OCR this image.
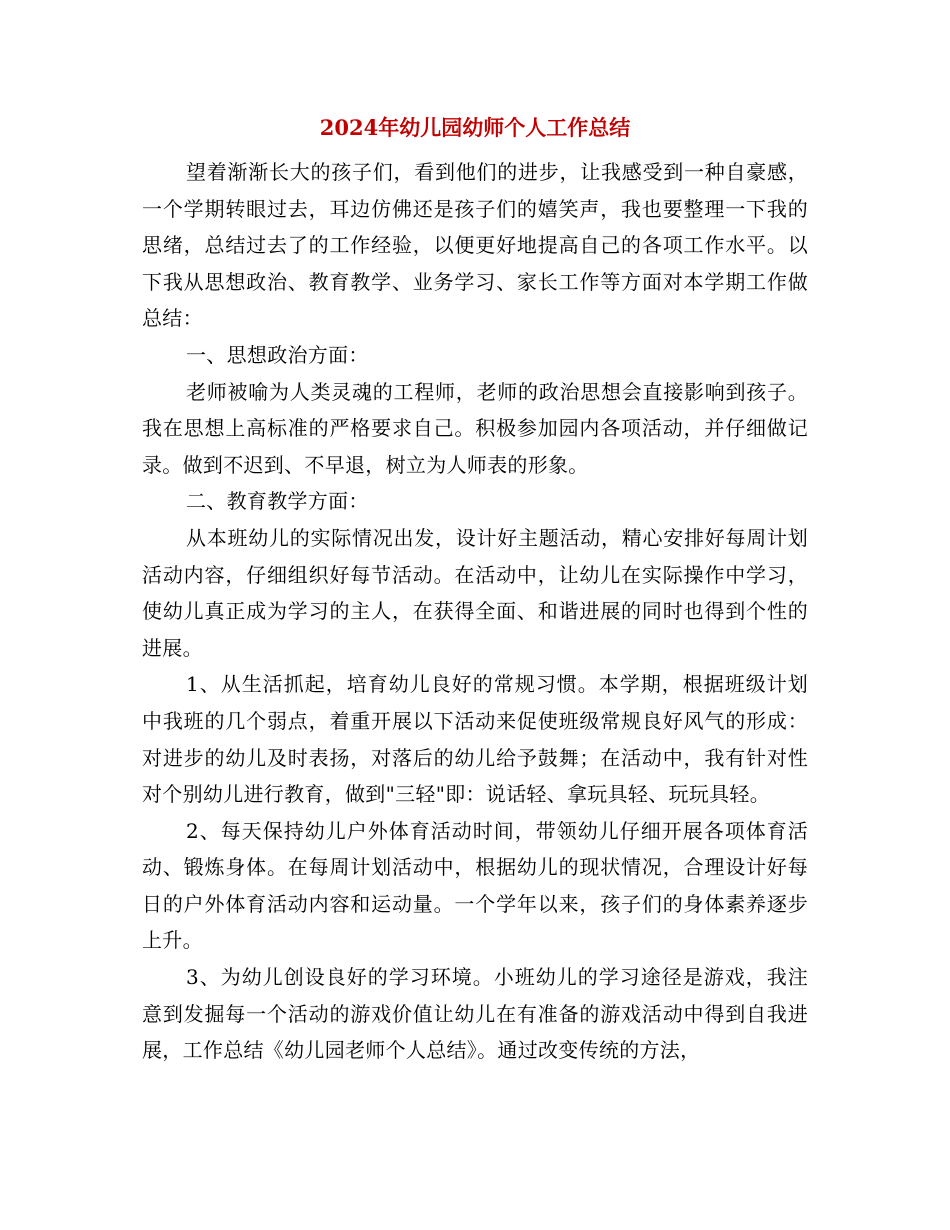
2024年幼儿园幼师个人工作总结

望着渐渐长大的孩子们，看到他们的进步，让我感受到一种自豪感，一个学期转眼过去，耳边仿佛还是孩子们的嬉笑声，我也要整理一下我的思绪，总结过去了的工作经验，以便更好地提高自己的各项工作水平。以下我从思想政治、教育教学、业务学习、家长工作等方面对本学期工作做总结：

一、思想政治方面：

老师被喻为人类灵魂的工程师，老师的政治思想会直接影响到孩子。我在思想上高标准的严格要求自己。积极参加园内各项活动，并仔细做记录。做到不迟到、不早退，树立为人师表的形象。

二、教育教学方面：

从本班幼儿的实际情况出发，设计好主题活动，精心安排好每周计划活动内容，仔细组织好每节活动。在活动中，让幼儿在实际操作中学习，使幼儿真正成为学习的主人，在获得全面、和谐进展的同时也得到个性的进展。

1、从生活抓起，培育幼儿良好的常规习惯。本学期，根据班级计划中我班的几个弱点，着重开展以下活动来促使班级常规良好风气的形成：对进步的幼儿及时表扬，对落后的幼儿给予鼓舞；在活动中，我有针对性对个别幼儿进行教育，做到"三轻"即：说话轻、拿玩具轻、玩玩具轻。

2、每天保持幼儿户外体育活动时间，带领幼儿仔细开展各项体育活动、锻炼身体。在每周计划活动中，根据幼儿的现状情况，合理设计好每日的户外体育活动内容和运动量。一个学年以来，孩子们的身体素养逐步上升。

3、为幼儿创设良好的学习环境。小班幼儿的学习途径是游戏，我注意到发掘每一个活动的游戏价值让幼儿在有准备的游戏活动中得到自我进展，工作总结《幼儿园老师个人总结》。通过改变传统的方法，
